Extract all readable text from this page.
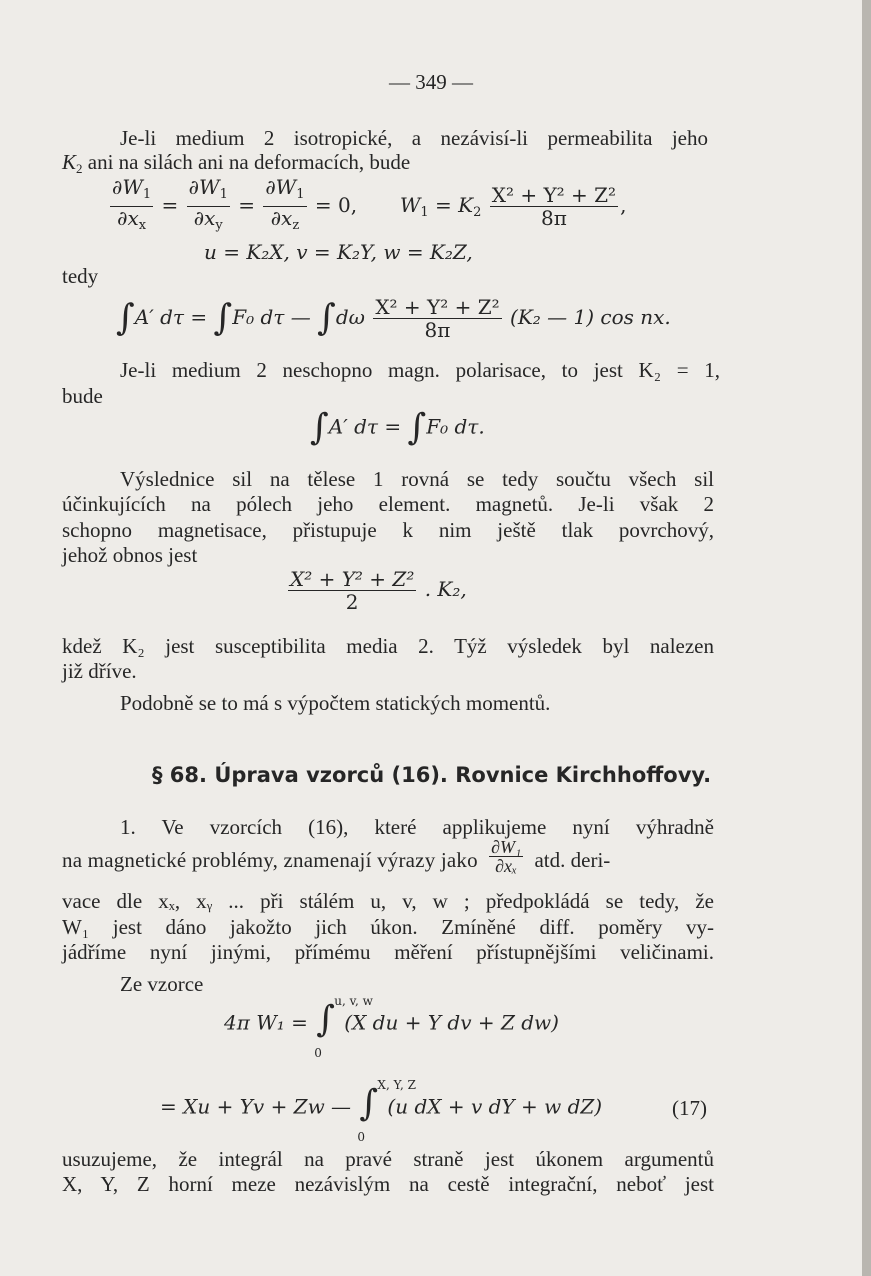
— 349 —
Je-li medium 2 isotropické, a nezávisí-li permeabilita jeho
$K_2$ ani na silách ani na deformacích, bude
$\frac{\partial W_1}{\partial x_x} = \frac{\partial W_1}{\partial x_y} = \frac{\partial W_1}{\partial x_z} = 0$, $W_1 = K_2 \frac{\text{X² + Y² + Z²}}{8\pi}$ ,
u = K₂X, v = K₂Y, w = K₂Z,
tedy
∫A′ dτ = ∫F₀ dτ — $\int d\omega \frac{\text{X² + Y² + Z²}}{8\pi} (K_2$ — 1) cos nx.
Je-li medium 2 neschopno magn. polarisace, to jest K₂ = 1,
bude
∫A′ dτ = ∫F₀ dτ.
Výslednice sil na tělese 1 rovná se tedy součtu všech sil
účinkujících na pólech jeho element. magnetů. Je-li však 2
schopno magnetisace, přistupuje k nim ještě tlak povrchový,
jehož obnos jest
$\frac{\text{X² + Y² + Z²}}{2}$ . K₂,
kdež K₂ jest susceptibilita media 2. Týž výsledek byl nalezen
již dříve.
Podobně se to má s výpočtem statických momentů.
§ 68. Úprava vzorců (16). Rovnice Kirchhoffovy.
1. Ve vzorcích (16), které applikujeme nyní výhradně
na magnetické problémy, znamenají výrazy jako $\frac{\text{∂W₁}}{\text{∂xₓ}}$ atd. deri-
vace dle xₓ, xᵧ ... při stálém u, v, w ; předpokládá se tedy, že
W₁ jest dáno jakožto jich úkon. Zmíněné diff. poměry vy-
jádříme nyní jinými, přímému měření přístupnějšími veličinami.
Ze vzorce
4π W₁ = ∫ u, v, w
0
(X du + Y dv + Z dw)
= Xu + Yv + Zw — ∫ X, Y, Z
0
(u dX + v dY + w dZ)	(17)
usuzujeme, že integrál na pravé straně jest úkonem argumentů
X, Y, Z horní meze nezávislým na cestě integrační, neboť jest
